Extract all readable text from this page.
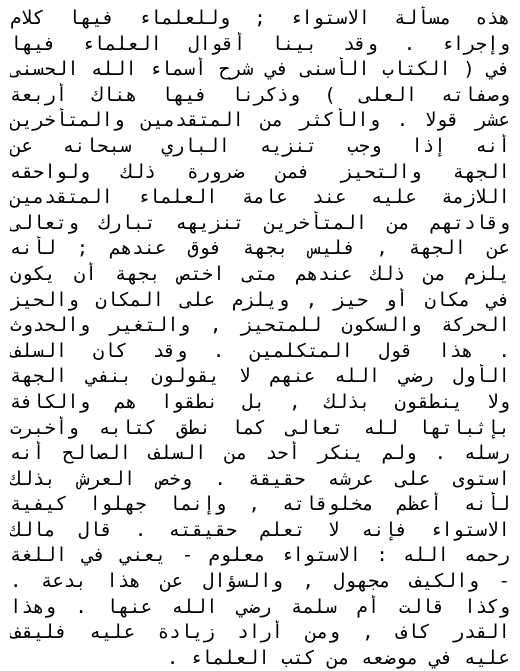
هذه مسألة الاستواء ; وللعلماء فيها كلام
وإجراء . وقد بينا أقوال العلماء فيها
في ( الكتاب الأسنى في شرح أسماء الله الحسنى
وصفاته العلى ) وذكرنا فيها هناك أربعة
عشر قولا . والأكثر من المتقدمين والمتأخرين
أنه إذا وجب تنزيه الباري سبحانه عن
الجهة والتحيز فمن ضرورة ذلك ولواحقه
اللازمة عليه عند عامة العلماء المتقدمين
وقادتهم من المتأخرين تنزيهه تبارك وتعالى
عن الجهة , فليس بجهة فوق عندهم ; لأنه
يلزم من ذلك عندهم متى اختص بجهة أن يكون
في مكان أو حيز , ويلزم على المكان والحيز
الحركة والسكون للمتحيز , والتغير والحدوث
. هذا قول المتكلمين . وقد كان السلف
الأول رضي الله عنهم لا يقولون بنفي الجهة
ولا ينطقون بذلك , بل نطقوا هم والكافة
بإثباتها لله تعالى كما نطق كتابه وأخبرت
رسله . ولم ينكر أحد من السلف الصالح أنه
استوى على عرشه حقيقة . وخص العرش بذلك
لأنه أعظم مخلوقاته , وإنما جهلوا كيفية
الاستواء فإنه لا تعلم حقيقته . قال مالك
رحمه الله : الاستواء معلوم - يعني في اللغة
- والكيف مجهول , والسؤال عن هذا بدعة .
وكذا قالت أم سلمة رضي الله عنها . وهذا
القدر كاف , ومن أراد زيادة عليه فليقف
عليه في موضعه من كتب العلماء .
